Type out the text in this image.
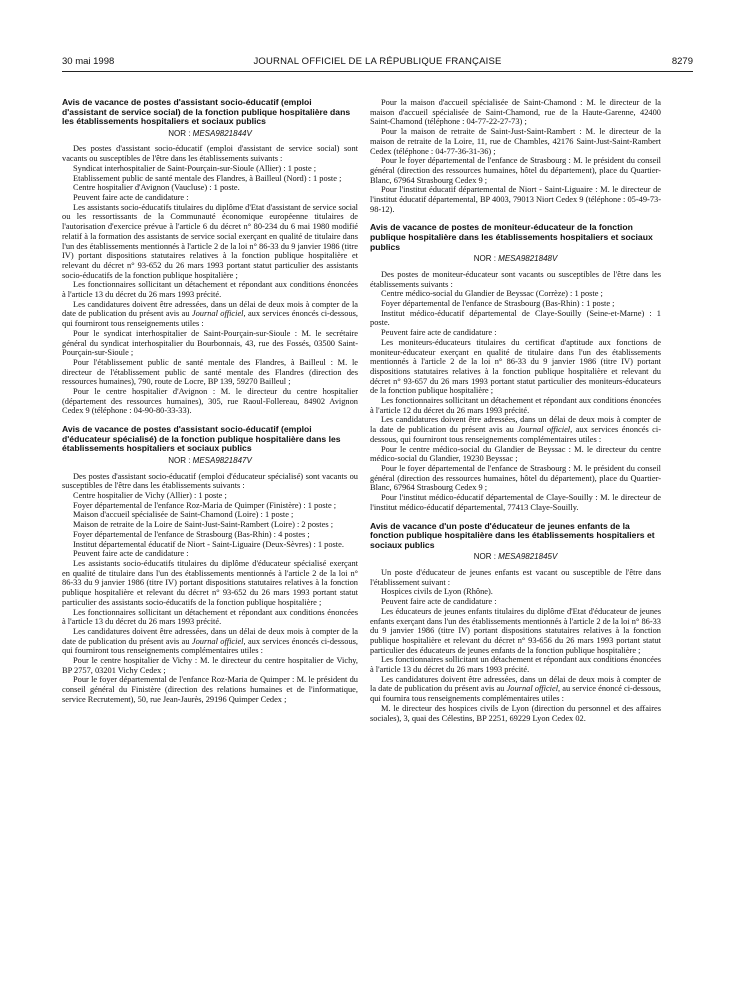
30 mai 1998	JOURNAL OFFICIEL DE LA RÉPUBLIQUE FRANÇAISE	8279
Avis de vacance de postes d'assistant socio-éducatif (emploi d'assistant de service social) de la fonction publique hospitalière dans les établissements hospitaliers et sociaux publics
NOR : MESA9821844V

Des postes d'assistant socio-éducatif (emploi d'assistant de service social) sont vacants ou susceptibles de l'être dans les établissements suivants :

Syndicat interhospitalier de Saint-Pourçain-sur-Sioule (Allier) : 1 poste ;

Etablissement public de santé mentale des Flandres, à Bailleul (Nord) : 1 poste ;

Centre hospitalier d'Avignon (Vaucluse) : 1 poste.

Peuvent faire acte de candidature :

Les assistants socio-éducatifs titulaires du diplôme d'Etat d'assistant de service social ou les ressortissants de la Communauté économique européenne titulaires de l'autorisation d'exercice prévue à l'article 6 du décret n° 80-234 du 6 mai 1980 modifié relatif à la formation des assistants de service social exerçant en qualité de titulaire dans l'un des établissements mentionnés à l'article 2 de la loi n° 86-33 du 9 janvier 1986 (titre IV) portant dispositions statutaires relatives à la fonction publique hospitalière et relevant du décret n° 93-652 du 26 mars 1993 portant statut particulier des assistants socio-éducatifs de la fonction publique hospitalière ;

Les fonctionnaires sollicitant un détachement et répondant aux conditions énoncées à l'article 13 du décret du 26 mars 1993 précité.

Les candidatures doivent être adressées, dans un délai de deux mois à compter de la date de publication du présent avis au Journal officiel, aux services énoncés ci-dessous, qui fourniront tous renseignements utiles :

Pour le syndicat interhospitalier de Saint-Pourçain-sur-Sioule : M. le secrétaire général du syndicat interhospitalier du Bourbonnais, 43, rue des Fossés, 03500 Saint-Pourçain-sur-Sioule ;

Pour l'établissement public de santé mentale des Flandres, à Bailleul : M. le directeur de l'établissement public de santé mentale des Flandres (direction des ressources humaines), 790, route de Locre, BP 139, 59270 Bailleul ;

Pour le centre hospitalier d'Avignon : M. le directeur du centre hospitalier (département des ressources humaines), 305, rue Raoul-Follereau, 84902 Avignon Cedex 9 (téléphone : 04-90-80-33-33).

Avis de vacance de postes d'assistant socio-éducatif (emploi d'éducateur spécialisé) de la fonction publique hospitalière dans les établissements hospitaliers et sociaux publics
NOR : MESA9821847V

Des postes d'assistant socio-éducatif (emploi d'éducateur spécialisé) sont vacants ou susceptibles de l'être dans les établissements suivants :

Centre hospitalier de Vichy (Allier) : 1 poste ;

Foyer départemental de l'enfance Roz-Maria de Quimper (Finistère) : 1 poste ;

Maison d'accueil spécialisée de Saint-Chamond (Loire) : 1 poste ;

Maison de retraite de la Loire de Saint-Just-Saint-Rambert (Loire) : 2 postes ;

Foyer départemental de l'enfance de Strasbourg (Bas-Rhin) : 4 postes ;

Institut départemental éducatif de Niort - Saint-Liguaire (Deux-Sèvres) : 1 poste.

Peuvent faire acte de candidature :

Les assistants socio-éducatifs titulaires du diplôme d'éducateur spécialisé exerçant en qualité de titulaire dans l'un des établissements mentionnés à l'article 2 de la loi n° 86-33 du 9 janvier 1986 (titre IV) portant dispositions statutaires relatives à la fonction publique hospitalière et relevant du décret n° 93-652 du 26 mars 1993 portant statut particulier des assistants socio-éducatifs de la fonction publique hospitalière ;

Les fonctionnaires sollicitant un détachement et répondant aux conditions énoncées à l'article 13 du décret du 26 mars 1993 précité.

Les candidatures doivent être adressées, dans un délai de deux mois à compter de la date de publication du présent avis au Journal officiel, aux services énoncés ci-dessous, qui fourniront tous renseignements complémentaires utiles :

Pour le centre hospitalier de Vichy : M. le directeur du centre hospitalier de Vichy, BP 2757, 03201 Vichy Cedex ;

Pour le foyer départemental de l'enfance Roz-Maria de Quimper : M. le président du conseil général du Finistère (direction des relations humaines et de l'informatique, service Recrutement), 50, rue Jean-Jaurès, 29196 Quimper Cedex ;

Pour la maison d'accueil spécialisée de Saint-Chamond : M. le directeur de la maison d'accueil spécialisée de Saint-Chamond, rue de la Haute-Garenne, 42400 Saint-Chamond (téléphone : 04-77-22-27-73) ;

Pour la maison de retraite de Saint-Just-Saint-Rambert : M. le directeur de la maison de retraite de la Loire, 11, rue de Chambles, 42176 Saint-Just-Saint-Rambert Cedex (téléphone : 04-77-36-31-36) ;

Pour le foyer départemental de l'enfance de Strasbourg : M. le président du conseil général (direction des ressources humaines, hôtel du département), place du Quartier-Blanc, 67964 Strasbourg Cedex 9 ;

Pour l'institut éducatif départemental de Niort - Saint-Liguaire : M. le directeur de l'institut éducatif départemental, BP 4003, 79013 Niort Cedex 9 (téléphone : 05-49-73-98-12).

Avis de vacance de postes de moniteur-éducateur de la fonction publique hospitalière dans les établissements hospitaliers et sociaux publics
NOR : MESA9821848V

Des postes de moniteur-éducateur sont vacants ou susceptibles de l'être dans les établissements suivants :

Centre médico-social du Glandier de Beyssac (Corrèze) : 1 poste ;

Foyer départemental de l'enfance de Strasbourg (Bas-Rhin) : 1 poste ;

Institut médico-éducatif départemental de Claye-Souilly (Seine-et-Marne) : 1 poste.

Peuvent faire acte de candidature :

Les moniteurs-éducateurs titulaires du certificat d'aptitude aux fonctions de moniteur-éducateur exerçant en qualité de titulaire dans l'un des établissements mentionnés à l'article 2 de la loi n° 86-33 du 9 janvier 1986 (titre IV) portant dispositions statutaires relatives à la fonction publique hospitalière et relevant du décret n° 93-657 du 26 mars 1993 portant statut particulier des moniteurs-éducateurs de la fonction publique hospitalière ;

Les fonctionnaires sollicitant un détachement et répondant aux conditions énoncées à l'article 12 du décret du 26 mars 1993 précité.

Les candidatures doivent être adressées, dans un délai de deux mois à compter de la date de publication du présent avis au Journal officiel, aux services énoncés ci-dessous, qui fourniront tous renseignements complémentaires utiles :

Pour le centre médico-social du Glandier de Beyssac : M. le directeur du centre médico-social du Glandier, 19230 Beyssac ;

Pour le foyer départemental de l'enfance de Strasbourg : M. le président du conseil général (direction des ressources humaines, hôtel du département), place du Quartier-Blanc, 67964 Strasbourg Cedex 9 ;

Pour l'institut médico-éducatif départemental de Claye-Souilly : M. le directeur de l'institut médico-éducatif départemental, 77413 Claye-Souilly.

Avis de vacance d'un poste d'éducateur de jeunes enfants de la fonction publique hospitalière dans les établissements hospitaliers et sociaux publics
NOR : MESA9821845V

Un poste d'éducateur de jeunes enfants est vacant ou susceptible de l'être dans l'établissement suivant :

Hospices civils de Lyon (Rhône).

Peuvent faire acte de candidature :

Les éducateurs de jeunes enfants titulaires du diplôme d'Etat d'éducateur de jeunes enfants exerçant dans l'un des établissements mentionnés à l'article 2 de la loi n° 86-33 du 9 janvier 1986 (titre IV) portant dispositions statutaires relatives à la fonction publique hospitalière et relevant du décret n° 93-656 du 26 mars 1993 portant statut particulier des éducateurs de jeunes enfants de la fonction publique hospitalière ;

Les fonctionnaires sollicitant un détachement et répondant aux conditions énoncées à l'article 13 du décret du 26 mars 1993 précité.

Les candidatures doivent être adressées, dans un délai de deux mois à compter de la date de publication du présent avis au Journal officiel, au service énoncé ci-dessous, qui fournira tous renseignements complémentaires utiles :

M. le directeur des hospices civils de Lyon (direction du personnel et des affaires sociales), 3, quai des Célestins, BP 2251, 69229 Lyon Cedex 02.
